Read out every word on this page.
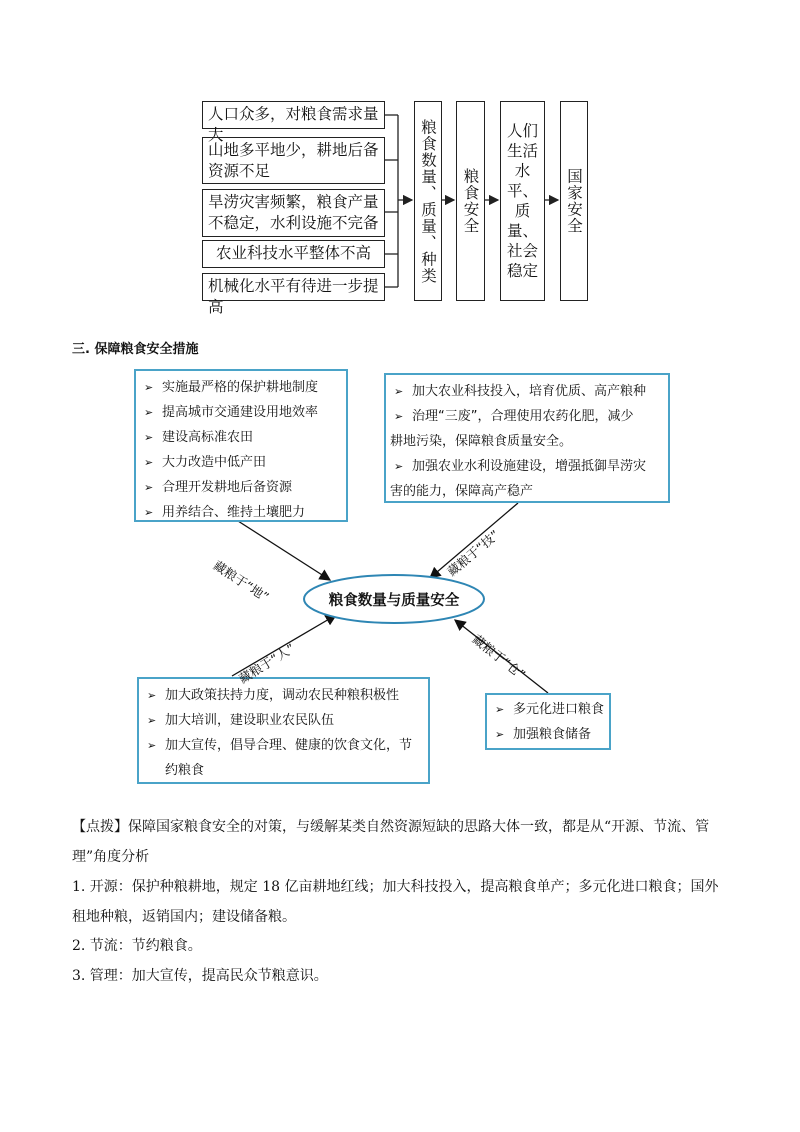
人口众多，对粮食需求量大
山地多平地少，耕地后备资源不足
旱涝灾害频繁，粮食产量不稳定，水利设施不完备
农业科技水平整体不高
机械化水平有待进一步提高
粮食数量、质量、种类 粮食安全
人们
生活
水平、
质量、
社会
稳定
国家安全
三. 保障粮食安全措施
粮食数量与质量安全
➢ 实施最严格的保护耕地制度
➢ 提高城市交通建设用地效率
➢ 建设高标准农田
➢ 大力改造中低产田
➢ 合理开发耕地后备资源
➢ 用养结合、维持土壤肥力
➢ 加大农业科技投入，培育优质、高产粮种
➢ 治理“三废”，合理使用农药化肥，减少
耕地污染，保障粮食质量安全。
➢ 加强农业水利设施建设，增强抵御旱涝灾
害的能力，保障高产稳产
➢ 加大政策扶持力度，调动农民种粮积极性
➢ 加大培训，建设职业农民队伍
➢ 加大宣传，倡导合理、健康的饮食文化，节
约粮食
➢ 多元化进口粮食
➢ 加强粮食储备
藏粮于“地”
藏粮于“技”
藏粮于“人”	藏粮于“仓”
【点拨】保障国家粮食安全的对策，与缓解某类自然资源短缺的思路大体一致，都是从“开源、节流、管理”角度分析
1. 开源：保护种粮耕地，规定 18 亿亩耕地红线；加大科技投入，提高粮食单产；多元化进口粮食；国外租地种粮，返销国内；建设储备粮。
2. 节流：节约粮食。
3. 管理：加大宣传，提高民众节粮意识。
